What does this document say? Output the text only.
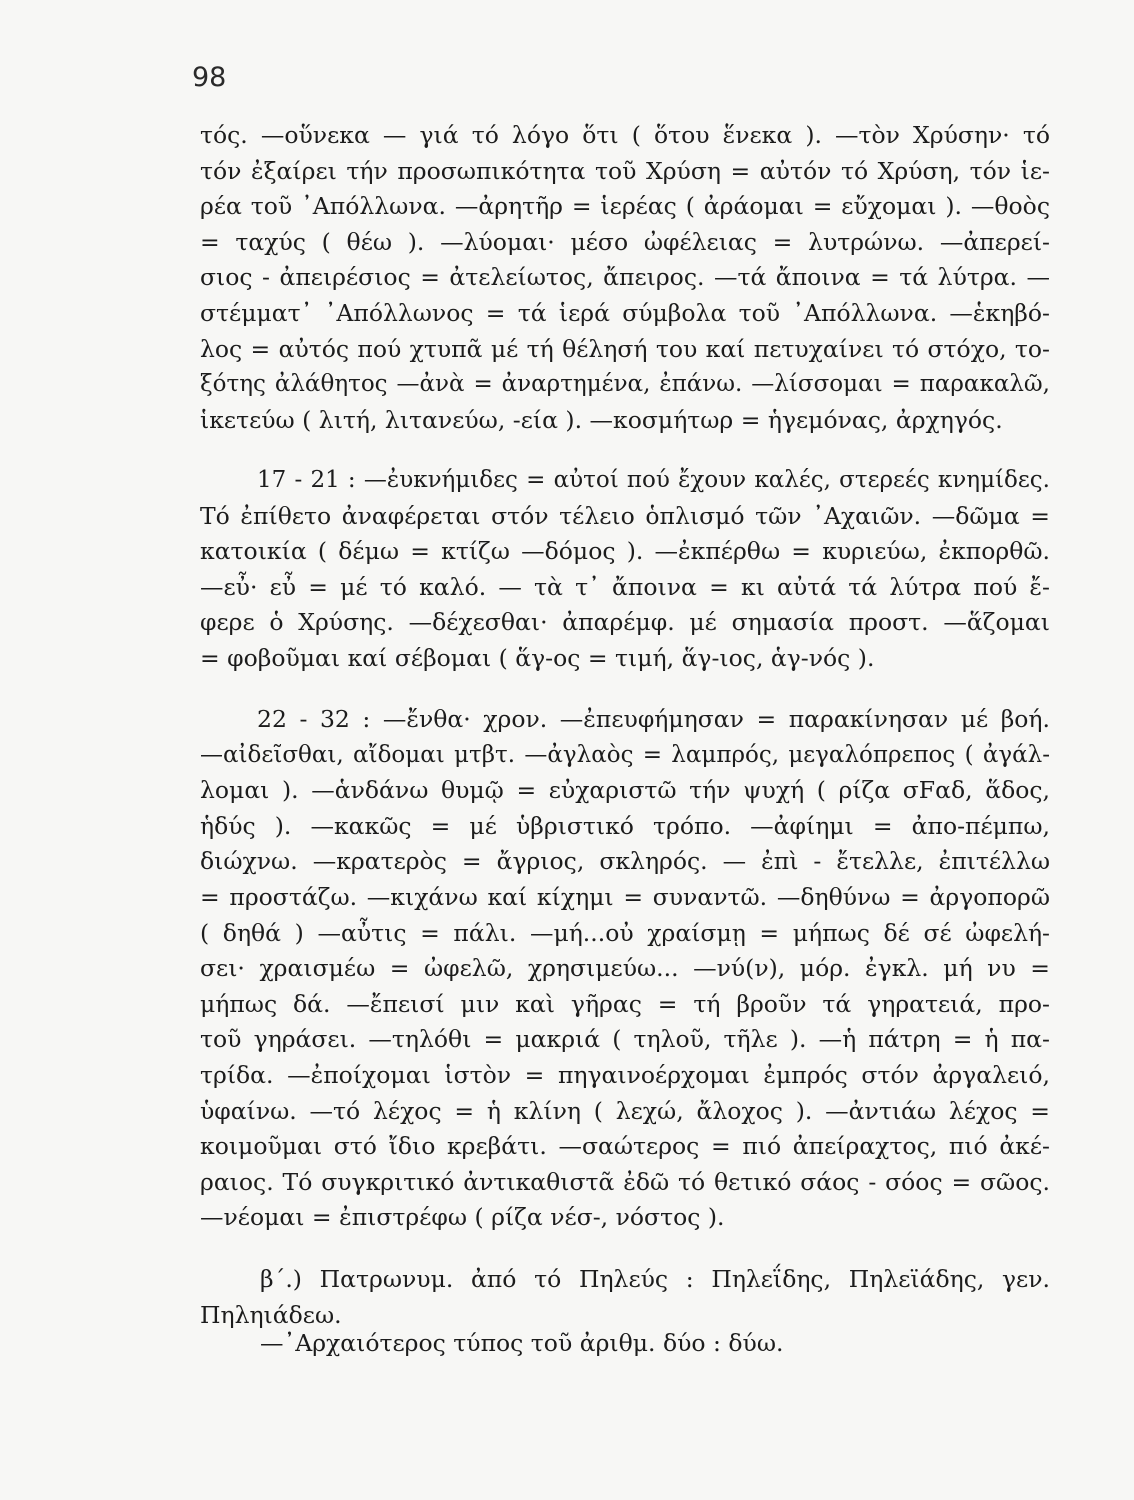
98

τός. —οὕνεκα — γιά τό λόγο ὅτι ( ὅτου ἕνεκα ). —τὸν Χρύσην· τό
τόν ἐξαίρει τήν προσωπικότητα τοῦ Χρύση = αὐτόν τό Χρύση, τόν ἱε-
ρέα τοῦ ᾿Απόλλωνα. —ἀρητῆρ = ἱερέας ( ἀράομαι = εὔχομαι ). —θοὸς
= ταχύς ( θέω ). —λύομαι· μέσο ὠφέλειας = λυτρώνω. —ἀπερεί-
σιος - ἀπειρέσιος = ἀτελείωτος, ἄπειρος. —τά ἄποινα = τά λύτρα. —
στέμματ᾿ ᾿Απόλλωνος = τά ἱερά σύμβολα τοῦ ᾿Απόλλωνα. —ἑκηβό-
λος = αὐτός πού χτυπᾶ μέ τή θέλησή του καί πετυχαίνει τό στόχο, το-
ξότης ἀλάθητος —ἀνὰ = ἀναρτημένα, ἐπάνω. —λίσσομαι = παρακαλῶ,
ἱκετεύω ( λιτή, λιτανεύω, -εία ). —κοσμήτωρ = ἡγεμόνας, ἀρχηγός.

17 - 21 : —ἐυκνήμιδες = αὐτοί πού ἔχουν καλές, στερεές κνημίδες.
Τό ἐπίθετο ἀναφέρεται στόν τέλειο ὁπλισμό τῶν ᾿Αχαιῶν. —δῶμα =
κατοικία ( δέμω = κτίζω —δόμος ). —ἐκπέρθω = κυριεύω, ἐκπορθῶ.
—εὖ· εὖ = μέ τό καλό. — τὰ τ᾿ ἄποινα = κι αὐτά τά λύτρα πού ἔ-
φερε ὁ Χρύσης. —δέχεσθαι· ἀπαρέμφ. μέ σημασία προστ. —ἅζομαι
= φοβοῦμαι καί σέβομαι ( ἅγ-ος = τιμή, ἅγ-ιος, ἁγ-νός ).

22 - 32 : —ἔνθα· χρον. —ἐπευφήμησαν = παρακίνησαν μέ βοή.
—αἰδεῖσθαι, αἴδομαι μτβτ. —ἀγλαὸς = λαμπρός, μεγαλόπρεπος ( ἀγάλ-
λομαι ). —ἁνδάνω θυμῷ = εὐχαριστῶ τήν ψυχή ( ρίζα σFαδ, ἅδος,
ἡδύς ). —κακῶς = μέ ὑβριστικό τρόπο. —ἀφίημι = ἀπο-πέμπω,
διώχνω. —κρατερὸς = ἄγριος, σκληρός. — ἐπὶ - ἔτελλε, ἐπιτέλλω
= προστάζω. —κιχάνω καί κίχημι = συναντῶ. —δηθύνω = ἀργοπορῶ
( δηθά ) —αὖτις = πάλι. —μή...οὐ χραίσμῃ = μήπως δέ σέ ὠφελή-
σει· χραισμέω = ὠφελῶ, χρησιμεύω... —νύ(ν), μόρ. ἐγκλ. μή νυ =
μήπως δά. —ἔπεισί μιν καὶ γῆρας = τή βροῦν τά γηρατειά, προ-
τοῦ γηράσει. —τηλόθι = μακριά ( τηλοῦ, τῆλε ). —ἡ πάτρη = ἡ πα-
τρίδα. —ἐποίχομαι ἱστὸν = πηγαινοέρχομαι ἐμπρός στόν ἀργαλειό,
ὑφαίνω. —τό λέχος = ἡ κλίνη ( λεχώ, ἄλοχος ). —ἀντιάω λέχος =
κοιμοῦμαι στό ἴδιο κρεβάτι. —σαώτερος = πιό ἀπείραχτος, πιό ἀκέ-
ραιος. Τό συγκριτικό ἀντικαθιστᾶ ἐδῶ τό θετικό σάος - σόος = σῶος.
—νέομαι = ἐπιστρέφω ( ρίζα νέσ-, νόστος ).

β΄.) Πατρωνυμ. ἀπό τό Πηλεύς : Πηλεΐδης, Πηλεϊάδης, γεν.
Πηληιάδεω.

—᾿Αρχαιότερος τύπος τοῦ ἀριθμ. δύο : δύω.
